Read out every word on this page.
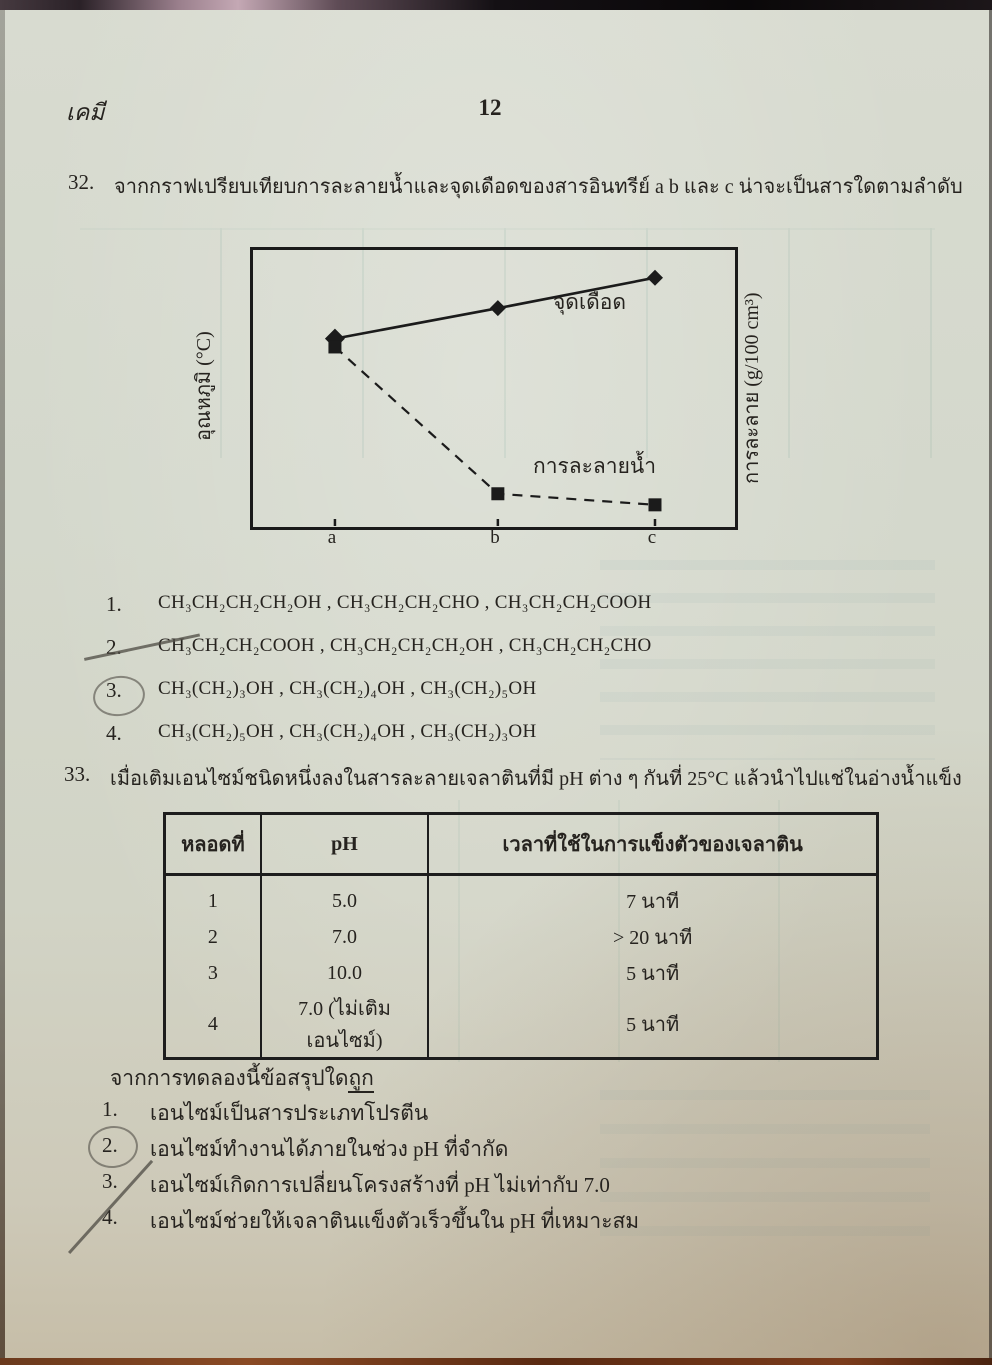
เคมี	12
32. จากกราฟเปรียบเทียบการละลายน้ำและจุดเดือดของสารอินทรีย์ a b และ c น่าจะเป็นสารใดตามลำดับ
จุดเดือด
การละลายน้ำ
อุณหภูมิ (°C)	การละลาย (g/100 cm³)
a	b	c
1. CH₃CH₂CH₂CH₂OH , CH₃CH₂CH₂CHO , CH₃CH₂CH₂COOH
2. CH₃CH₂CH₂COOH , CH₃CH₂CH₂CH₂OH , CH₃CH₂CH₂CHO
3. CH₃(CH₂)₃OH , CH₃(CH₂)₄OH , CH₃(CH₂)₅OH
4. CH₃(CH₂)₅OH , CH₃(CH₂)₄OH , CH₃(CH₂)₃OH
33. เมื่อเติมเอนไซม์ชนิดหนึ่งลงในสารละลายเจลาตินที่มี pH ต่าง ๆ กันที่ 25°C แล้วนำไปแช่ในอ่างน้ำแข็ง
หลอดที่	pH	เวลาที่ใช้ในการแข็งตัวของเจลาติน
1	5.0	7 นาที
2	7.0	> 20 นาที
3	10.0	5 นาที
4	7.0 (ไม่เติมเอนไซม์)	5 นาที
จากการทดลองนี้ข้อสรุปใดถูก
1. เอนไซม์เป็นสารประเภทโปรตีน
2. เอนไซม์ทำงานได้ภายในช่วง pH ที่จำกัด
3. เอนไซม์เกิดการเปลี่ยนโครงสร้างที่ pH ไม่เท่ากับ 7.0
4. เอนไซม์ช่วยให้เจลาตินแข็งตัวเร็วขึ้นใน pH ที่เหมาะสม
